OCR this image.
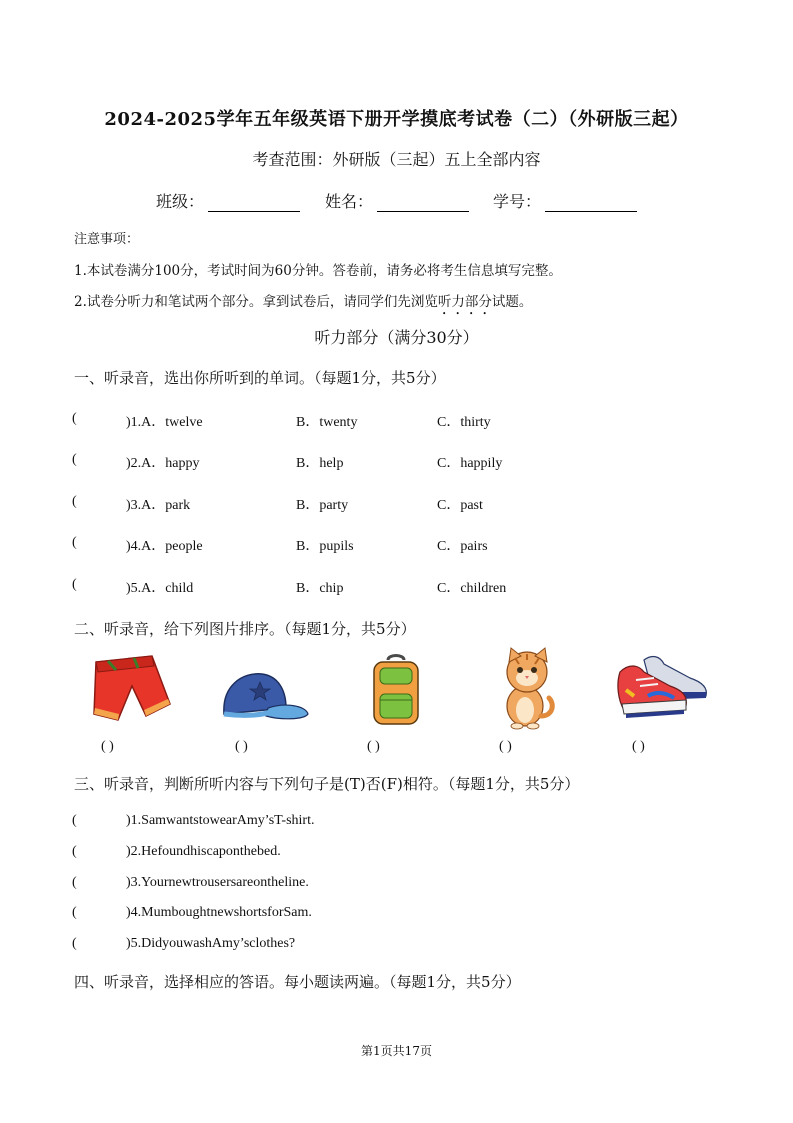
2024-2025学年五年级英语下册开学摸底考试卷（二）（外研版三起）
考查范围：外研版（三起）五上全部内容
班级：	姓名：	学号：
注意事项：
1.本试卷满分100分，考试时间为60分钟。答卷前，请务必将考生信息填写完整。
2.试卷分听力和笔试两个部分。拿到试卷后，请同学们先浏览听力部分试题。
听力部分（满分30分）
一、听录音，选出你所听到的单词。（每题1分，共5分）
(	)1.A．twelve	B．twenty	C．thirty
(	)2.A．happy	B．help	C．happily
(	)3.A．park	B．party	C．past
(	)4.A．people	B．pupils	C．pairs
(	)5.A．child	B．chip	C．children
二、听录音，给下列图片排序。（每题1分，共5分）
( )	( )	( )	( )	( )
三、听录音，判断所听内容与下列句子是(T)否(F)相符。（每题1分，共5分）
(	)1.SamwantstowearAmy’sT-shirt.
(	)2.Hefoundhiscaponthebed.
(	)3.Yournewtrousersareontheline.
(	)4.MumboughtnewshortsforSam.
(	)5.DidyouwashAmy’sclothes?
四、听录音，选择相应的答语。每小题读两遍。（每题1分，共5分）
第1页共17页
